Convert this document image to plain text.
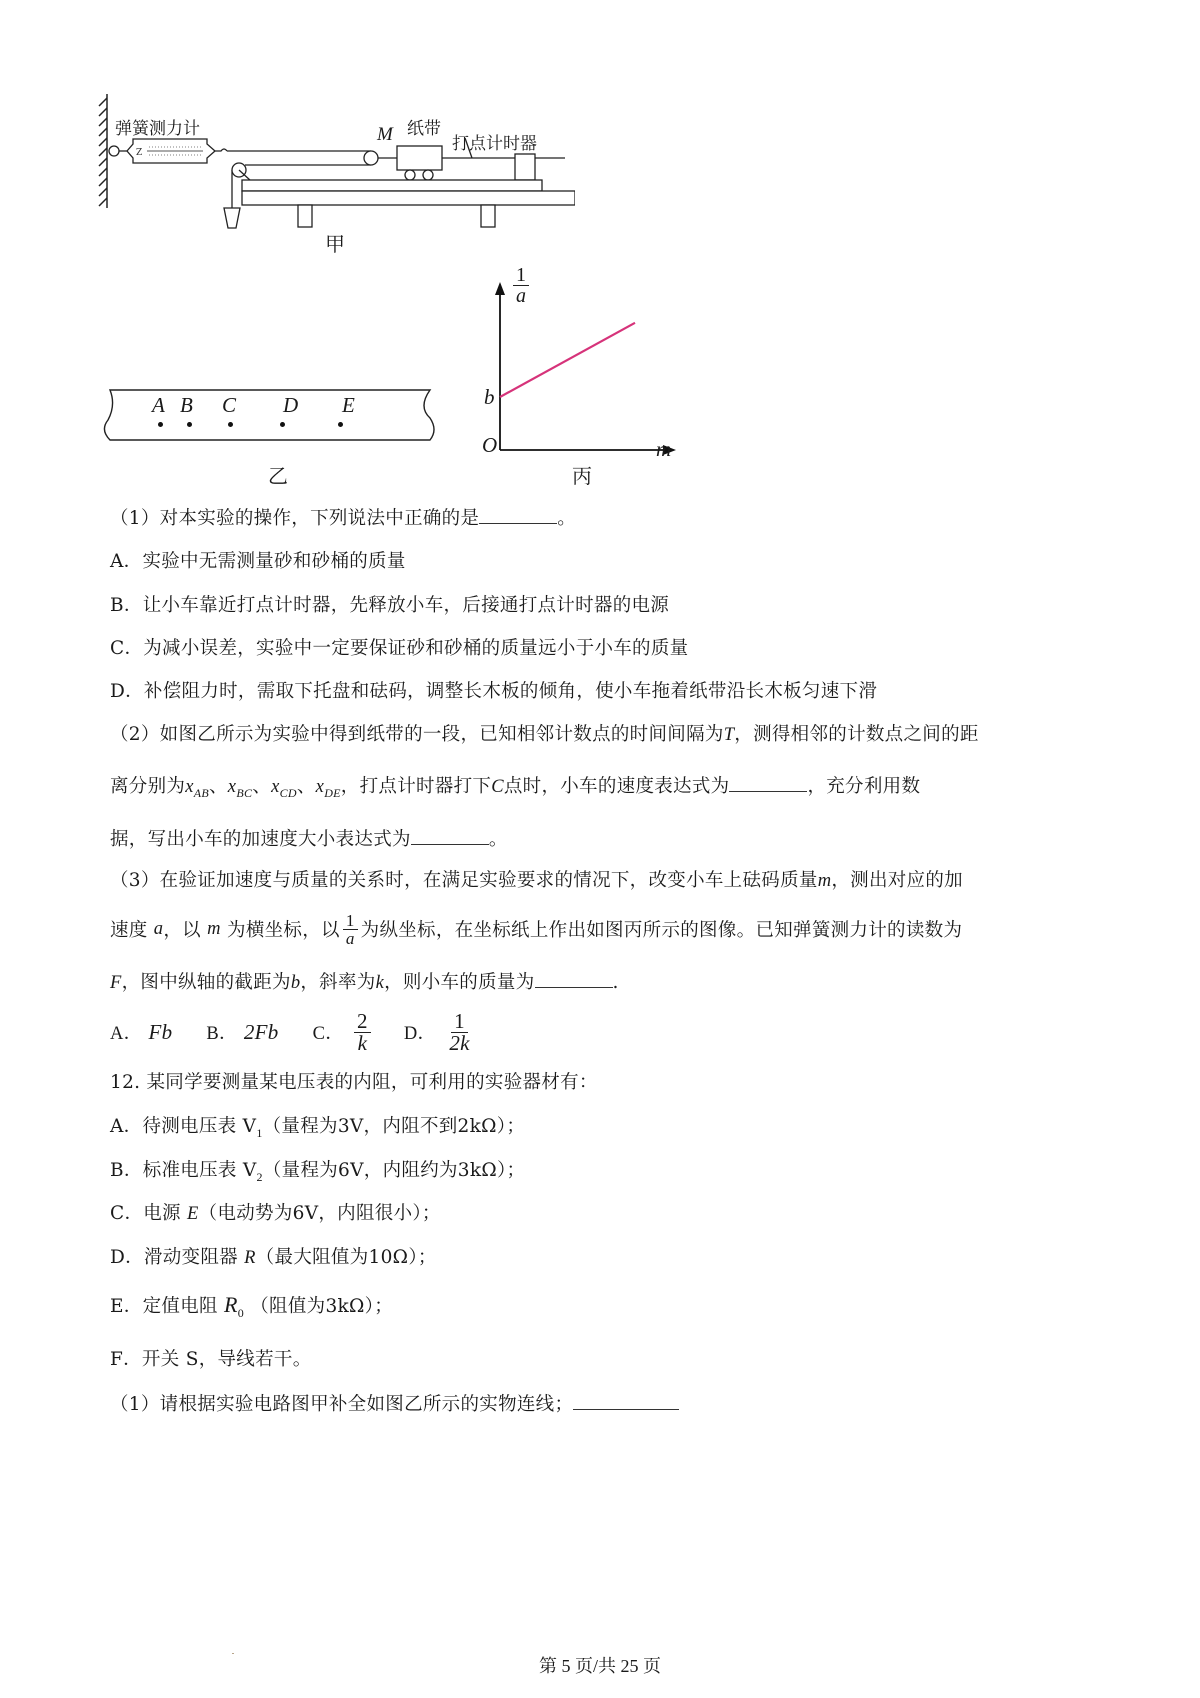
Z
弹簧测力计	M 纸带
打点计时器
甲
A B C D E
乙
$\frac{1}{a}$
b
O	m
丙
（1）对本实验的操作，下列说法中正确的是	。
A．实验中无需测量砂和砂桶的质量
B．让小车靠近打点计时器，先释放小车，后接通打点计时器的电源
C．为减小误差，实验中一定要保证砂和砂桶的质量远小于小车的质量
D．补偿阻力时，需取下托盘和砝码，调整长木板的倾角，使小车拖着纸带沿长木板匀速下滑
（2）如图乙所示为实验中得到纸带的一段，已知相邻计数点的时间间隔为T，测得相邻的计数点之间的距
离分别为$x_{AB}$、$x_{BC}$、$x_{CD}$、$x_{DE}$，打点计时器打下C点时，小车的速度表达式为	，充分利用数
据，写出小车的加速度大小表达式为	。
（3）在验证加速度与质量的关系时，在满足实验要求的情况下，改变小车上砝码质量m，测出对应的加
速度
a ，以
m
为横坐标，以 $\frac{1}{a}$ 为纵坐标，在坐标纸上作出如图丙所示的图像。已知弹簧测力计的读数为
F，图中纵轴的截距为b，斜率为k，则小车的质量为	.
A． Fb B． 2Fb C． $\frac{2}{k}$ D． $\frac{1}{2k}$
12. 某同学要测量某电压表的内阻，可利用的实验器材有：
A．待测电压表 $V_1$（量程为3V，内阻不到2kΩ）；
B．标准电压表 $V_2$（量程为6V，内阻约为3kΩ）；
C．电源 E（电动势为6V，内阻很小）；
D．滑动变阻器 R（最大阻值为10Ω）；
E．定值电阻 $R_0$ （阻值为3kΩ）；
F．开关 S，导线若干。
（1）请根据实验电路图甲补全如图乙所示的实物连线；
第 5 页/共 25 页
